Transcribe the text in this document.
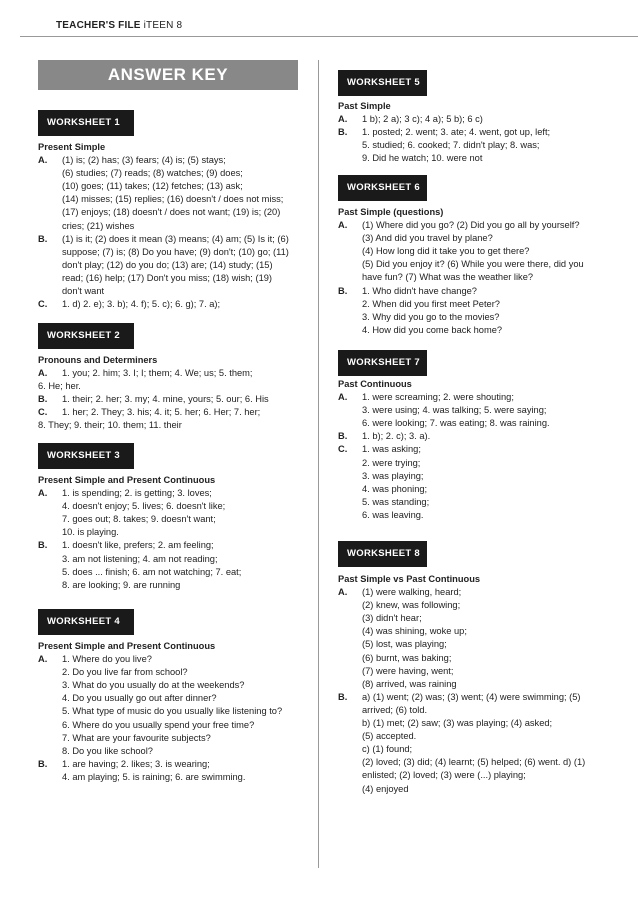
TEACHER'S FILE iTEEN 8
ANSWER KEY
WORKSHEET 1
Present Simple
A. (1) is; (2) has; (3) fears; (4) is; (5) stays;
(6) studies; (7) reads; (8) watches; (9) does;
(10) goes; (11) takes; (12) fetches; (13) ask;
(14) misses; (15) replies; (16) doesn't / does not miss;
(17) enjoys; (18) doesn't / does not want; (19) is; (20)
cries; (21) wishes
B. (1) is it; (2) does it mean (3) means; (4) am; (5) Is it; (6)
suppose; (7) is; (8) Do you have; (9) don't; (10) go; (11)
don't play; (12) do you do; (13) are; (14) study; (15)
read; (16) help; (17) Don't you miss; (18) wish; (19)
don't want
C. 1. d) 2. e); 3. b); 4. f); 5. c); 6. g); 7. a);
WORKSHEET 2
Pronouns and Determiners
A. 1. you; 2. him; 3. I; I; them; 4. We; us; 5. them;
6. He; her.
B. 1. their; 2. her; 3. my; 4. mine, yours; 5. our; 6. His
C. 1. her; 2. They; 3. his; 4. it; 5. her; 6. Her; 7. her;
8. They; 9. their; 10. them; 11. their
WORKSHEET 3
Present Simple and Present Continuous
A. 1. is spending; 2. is getting; 3. loves;
4. doesn't enjoy; 5. lives; 6. doesn't like;
7. goes out; 8. takes; 9. doesn't want;
10. is playing.
B. 1. doesn't like, prefers; 2. am feeling;
3. am not listening; 4. am not reading;
5. does ... finish; 6. am not watching; 7. eat;
8. are looking; 9. are running
WORKSHEET 4
Present Simple and Present Continuous
A. 1. Where do you live?
2. Do you live far from school?
3. What do you usually do at the weekends?
4. Do you usually go out after dinner?
5. What type of music do you usually like listening to?
6. Where do you usually spend your free time?
7. What are your favourite subjects?
8. Do you like school?
B. 1. are having; 2. likes; 3. is wearing;
4. am playing; 5. is raining; 6. are swimming.
WORKSHEET 5
Past Simple
A. 1 b); 2 a); 3 c); 4 a); 5 b); 6 c)
B. 1. posted; 2. went; 3. ate; 4. went, got up, left;
5. studied; 6. cooked; 7. didn't play; 8. was;
9. Did he watch; 10. were not
WORKSHEET 6
Past Simple (questions)
A. (1) Where did you go? (2) Did you go all by yourself?
(3) And did you travel by plane?
(4) How long did it take you to get there?
(5) Did you enjoy it? (6) While you were there, did you
have fun? (7) What was the weather like?
B. 1. Who didn't have change?
2. When did you first meet Peter?
3. Why did you go to the movies?
4. How did you come back home?
WORKSHEET 7
Past Continuous
A. 1. were screaming; 2. were shouting;
3. were using; 4. was talking; 5. were saying;
6. were looking; 7. was eating; 8. was raining.
B. 1. b); 2. c); 3. a).
C. 1. was asking;
2. were trying;
3. was playing;
4. was phoning;
5. was standing;
6. was leaving.
WORKSHEET 8
Past Simple vs Past Continuous
A. (1) were walking, heard;
(2) knew, was following;
(3) didn't hear;
(4) was shining, woke up;
(5) lost, was playing;
(6) burnt, was baking;
(7) were having, went;
(8) arrived, was raining
B. a) (1) went; (2) was; (3) went; (4) were swimming; (5)
arrived; (6) told.
b) (1) met; (2) saw; (3) was playing; (4) asked;
(5) accepted.
c) (1) found;
(2) loved; (3) did; (4) learnt; (5) helped; (6) went. d) (1)
enlisted; (2) loved; (3) were (...) playing;
(4) enjoyed
